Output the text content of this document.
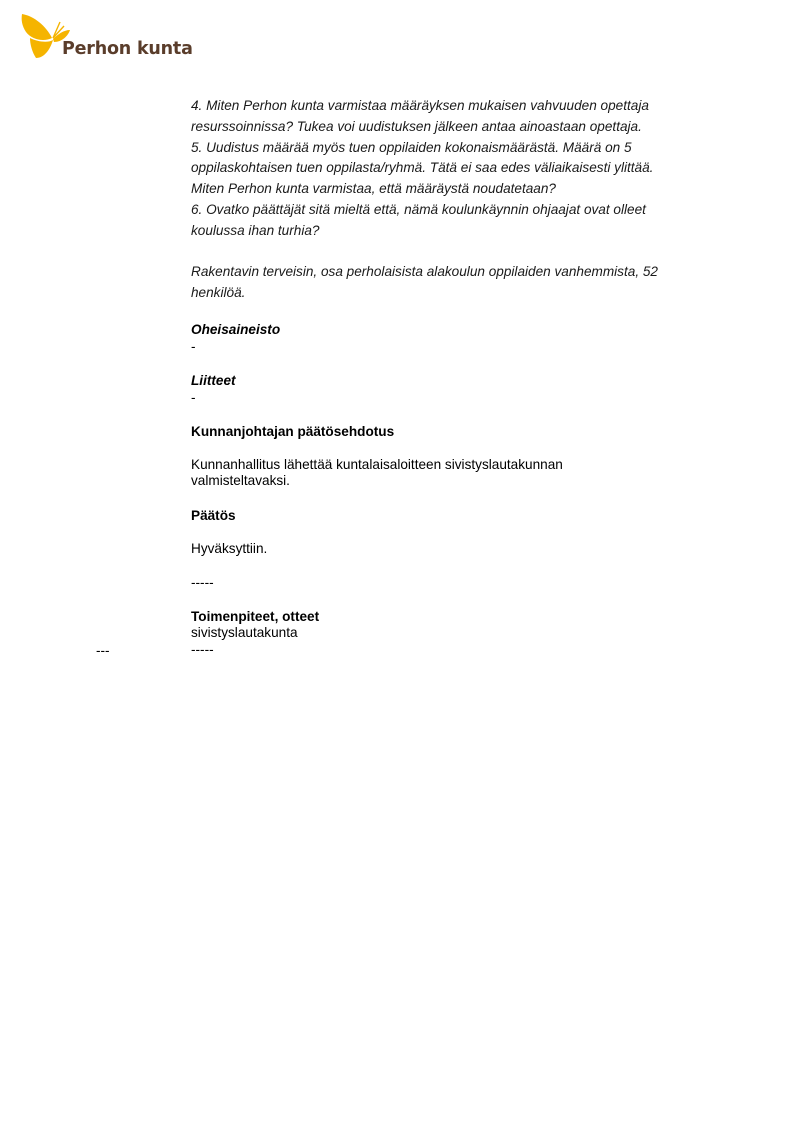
Perhon kunta

4. Miten Perhon kunta varmistaa määräyksen mukaisen vahvuuden opettaja

resurssoinnissa? Tukea voi uudistuksen jälkeen antaa ainoastaan opettaja.

5. Uudistus määrää myös tuen oppilaiden kokonaismäärästä. Määrä on 5

oppilaskohtaisen tuen oppilasta/ryhmä. Tätä ei saa edes väliaikaisesti ylittää.

Miten Perhon kunta varmistaa, että määräystä noudatetaan?

6. Ovatko päättäjät sitä mieltä että, nämä koulunkäynnin ohjaajat ovat olleet

koulussa ihan turhia?

Rakentavin terveisin, osa perholaisista alakoulun oppilaiden vanhemmista, 52

henkilöä.

Oheisaineisto
-
Liitteet
-
Kunnanjohtajan päätösehdotus
Kunnanhallitus lähettää kuntalaisaloitteen sivistyslautakunnan
valmisteltavaksi.
Päätös
Hyväksyttiin.
-----
Toimenpiteet, otteet
sivistyslautakunta
---	-----
